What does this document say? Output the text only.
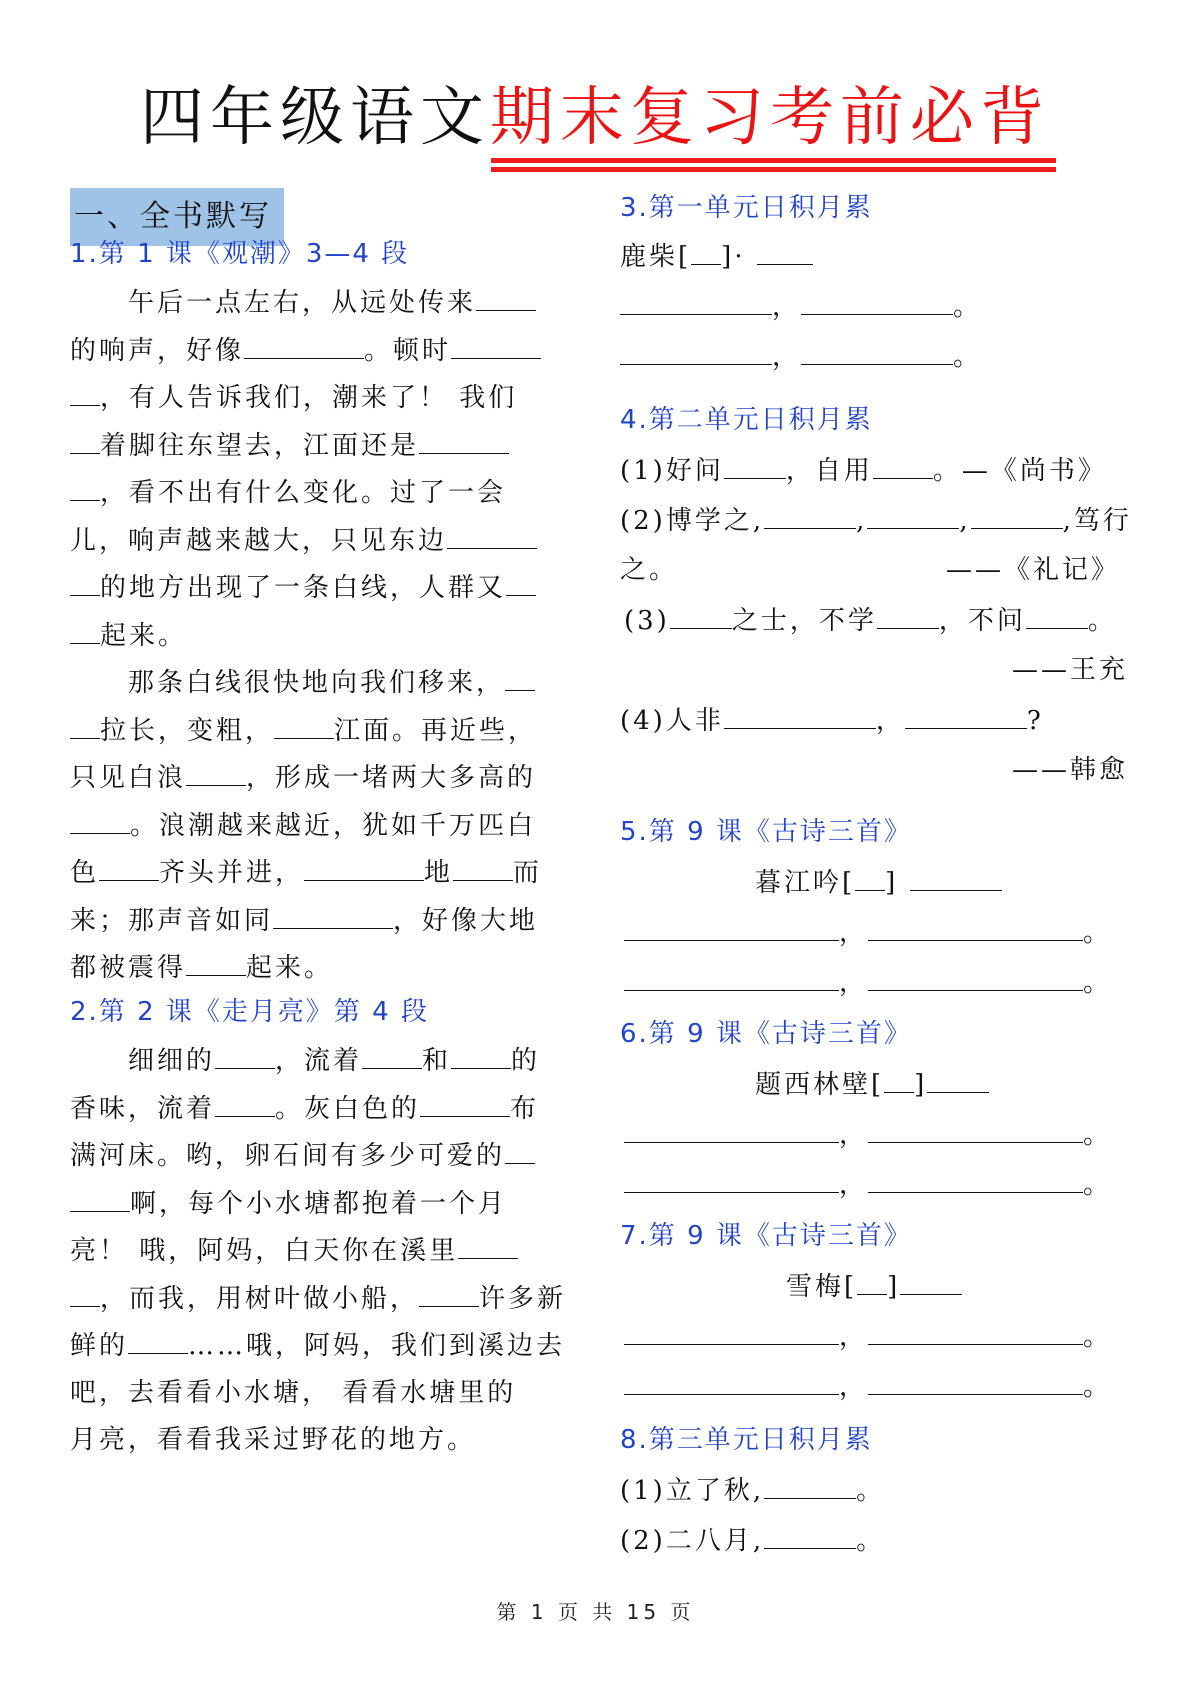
四年级语文期末复习考前必背
一、全书默写
1.第 1 课《观潮》3—4 段
　　午后一点左右，从远处传来
的响声，好像	。顿时
，有人告诉我们，潮来了！ 我们
着脚往东望去，江面还是
，看不出有什么变化。过了一会
儿，响声越来越大，只见东边
的地方出现了一条白线，人群又
起来。
　　那条白线很快地向我们移来，
拉长，变粗， 江面。再近些，
只见白浪 ，形成一堵两大多高的
。浪潮越来越近，犹如千万匹白
色 齐头并进，	地 而
来；那声音如同	，好像大地
都被震得 起来。
2.第 2 课《走月亮》第 4 段
　　细细的 ，流着 和 的
香味，流着 。灰白色的	布
满河床。哟，卵石间有多少可爱的
啊，每个小水塘都抱着一个月
亮！ 哦，阿妈，白天你在溪里
，而我，用树叶做小船， 许多新
鲜的 ……哦，阿妈，我们到溪边去
吧，去看看小水塘， 看看水塘里的
月亮，看看我采过野花的地方。
3.第一单元日积月累
鹿柴[ ]·
，	。
，	。
4.第二单元日积月累
(1)好问 ，自用 。—《尚书》
(2)博学之,	,	,	,笃行
之。	——《礼记》
(3) 之士，不学 ，不问 。
——王充
(4)人非	，	?
——韩愈
5.第 9 课《古诗三首》
暮江吟[ ]
，	。
，	。
6.第 9 课《古诗三首》
题西林壁[ ]
，	。
，	。
7.第 9 课《古诗三首》
雪梅[ ]
，	。
，	。
8.第三单元日积月累
(1)立了秋,	。
(2)二八月,	。
第 1 页 共 15 页
